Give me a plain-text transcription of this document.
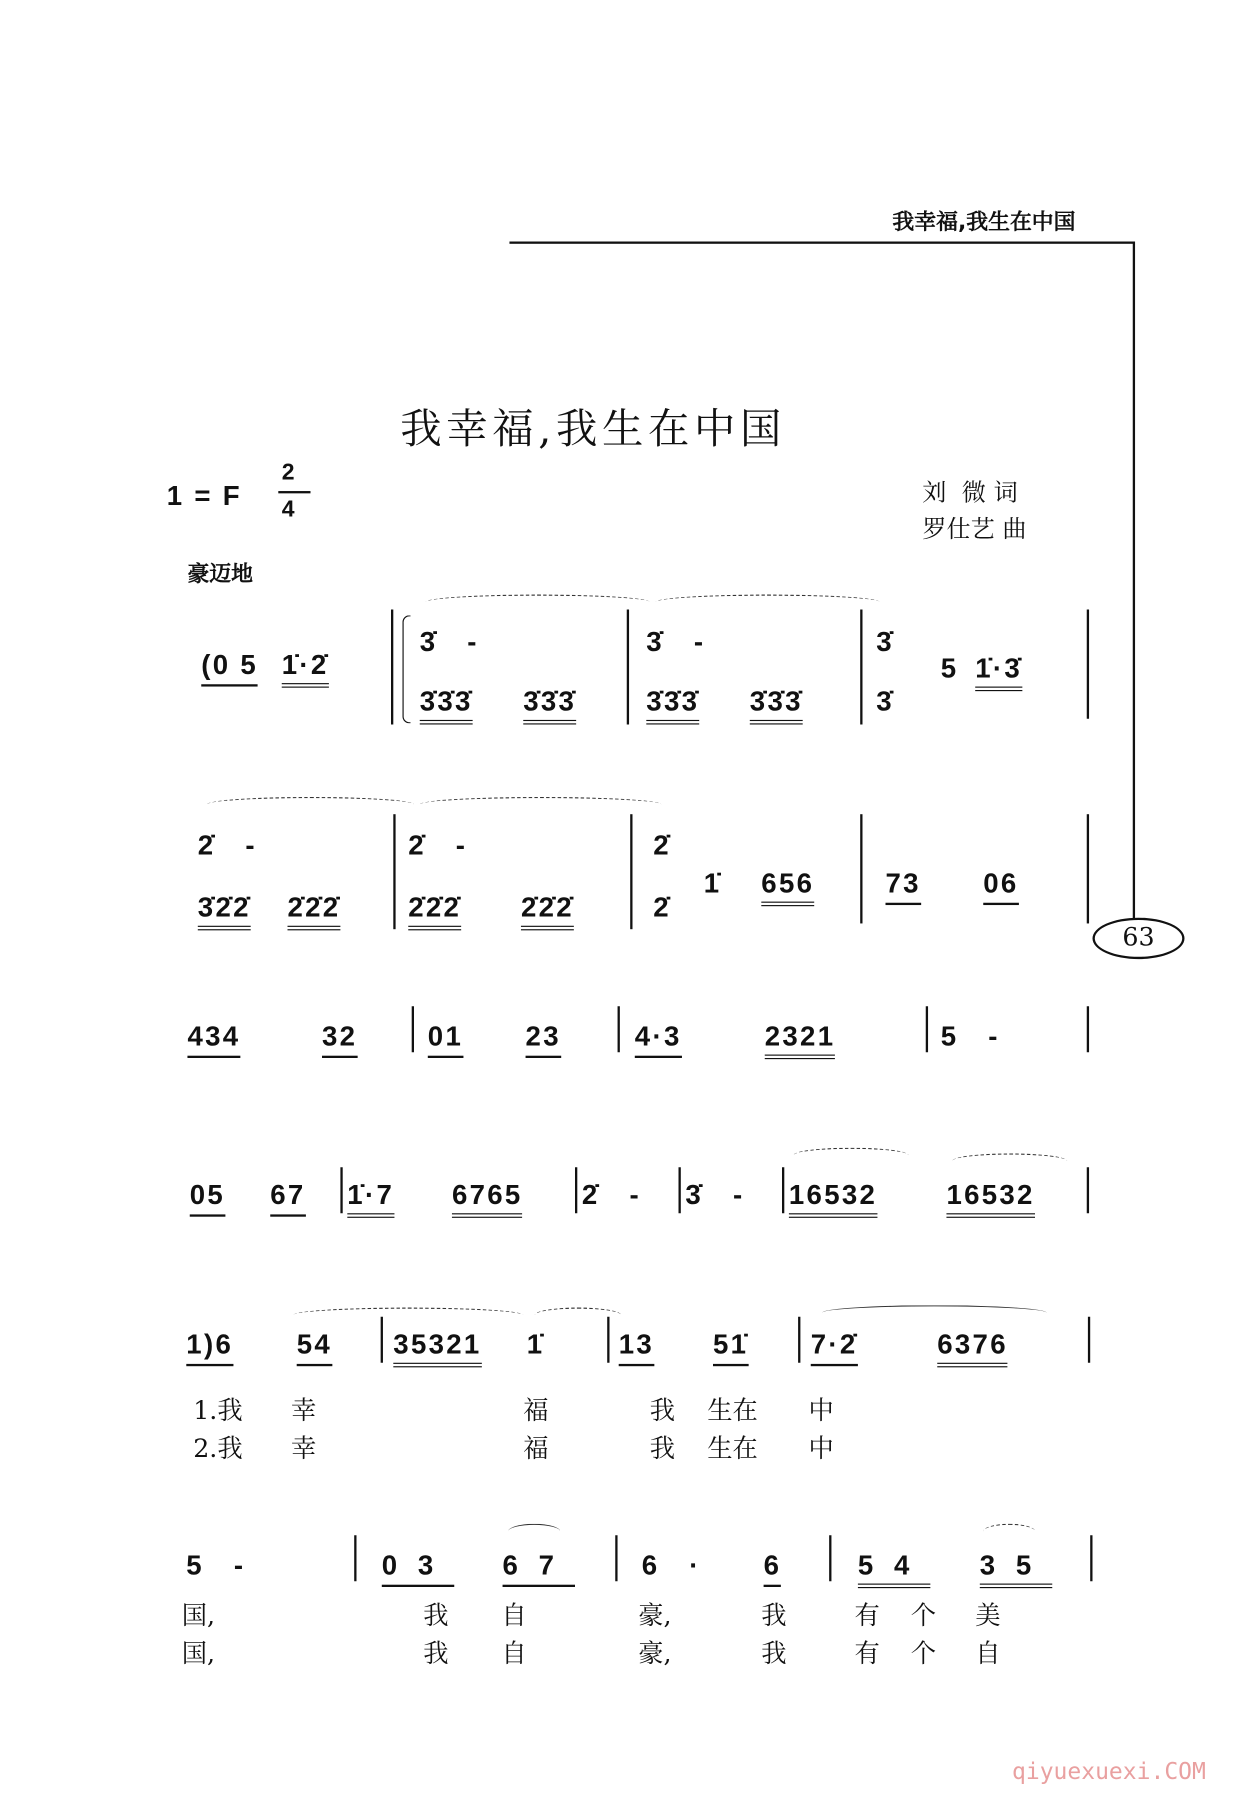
我幸福,我生在中国
63
我幸福,我生在中国
1 = F
2
4
刘  微 词
罗仕艺 曲
豪迈地
(0 5 1̇·2̇
3̇   -
3̇3̇3̇ 3̇3̇3̇
3̇   -
3̇3̇3̇ 3̇3̇3̇
3̇
3̇
5 1̇·3̇
2̇   -
3̇2̇2̇ 2̇2̇2̇
2̇   -
2̇2̇2̇ 2̇2̇2̇
2̇
2̇
1̇ 656	73	06
434	32	01	23	4·3	2321	5   -
05 67 1̇·7 6765 2̇   - 3̇   - 16532	16532
1)6	54	35321 1̇	13 51̇	7·2̇	6376
1.我 幸	福	我 生在 中
2.我 幸	福	我 生在 中
5   -	03 67	6   ·	6	54 35
国,	我 自	豪,	我	有 个 美
国,	我 自	豪,	我	有 个 自
qiyuexuexi.COM
